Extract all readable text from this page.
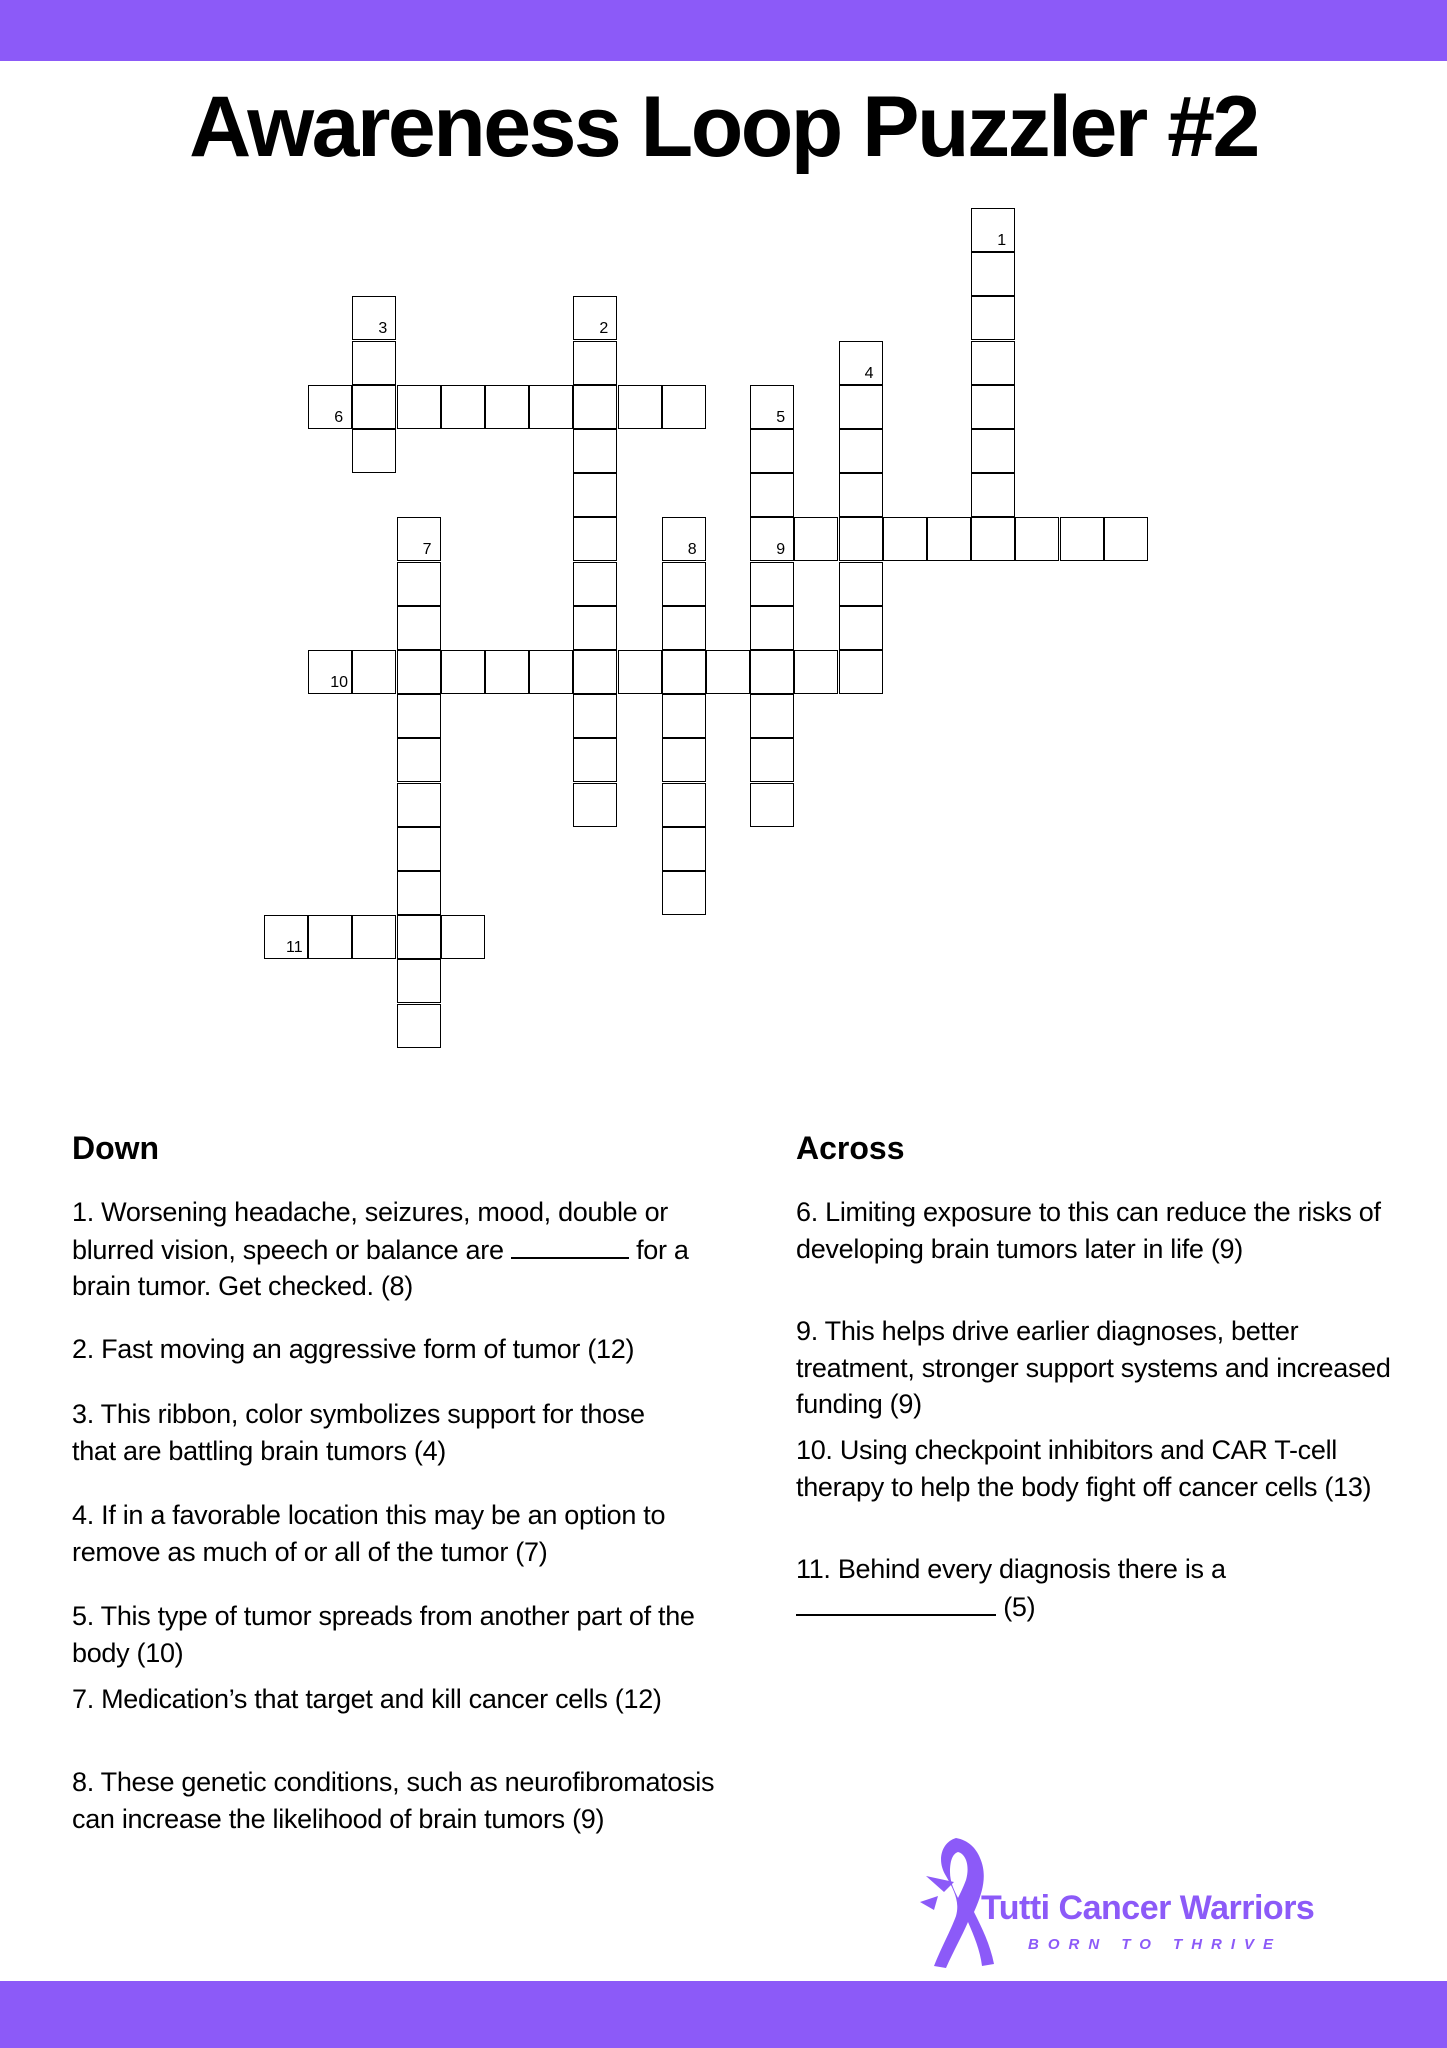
Awareness Loop Puzzler #2
1
2
3
4
5
6
7	8	9
10
11
Down
1. Worsening headache, seizures, mood, double or blurred vision, speech or balance are	for a brain tumor. Get checked. (8)
2. Fast moving an aggressive form of tumor (12)
3. This ribbon, color symbolizes support for those that are battling brain tumors (4)
4. If in a favorable location this may be an option to remove as much of or all of the tumor (7)
5. This type of tumor spreads from another part of the body (10)
7. Medication’s that target and kill cancer cells (12)
8. These genetic conditions, such as neurofibromatosis can increase the likelihood of brain tumors (9)
Across
6. Limiting exposure to this can reduce the risks of developing brain tumors later in life (9)
9. This helps drive earlier diagnoses, better treatment, stronger support systems and increased funding (9)
10. Using checkpoint inhibitors and CAR T-cell therapy to help the body fight off cancer cells (13)
11. Behind every diagnosis there is a
(5)
Tutti Cancer Warriors
BORN TO THRIVE
